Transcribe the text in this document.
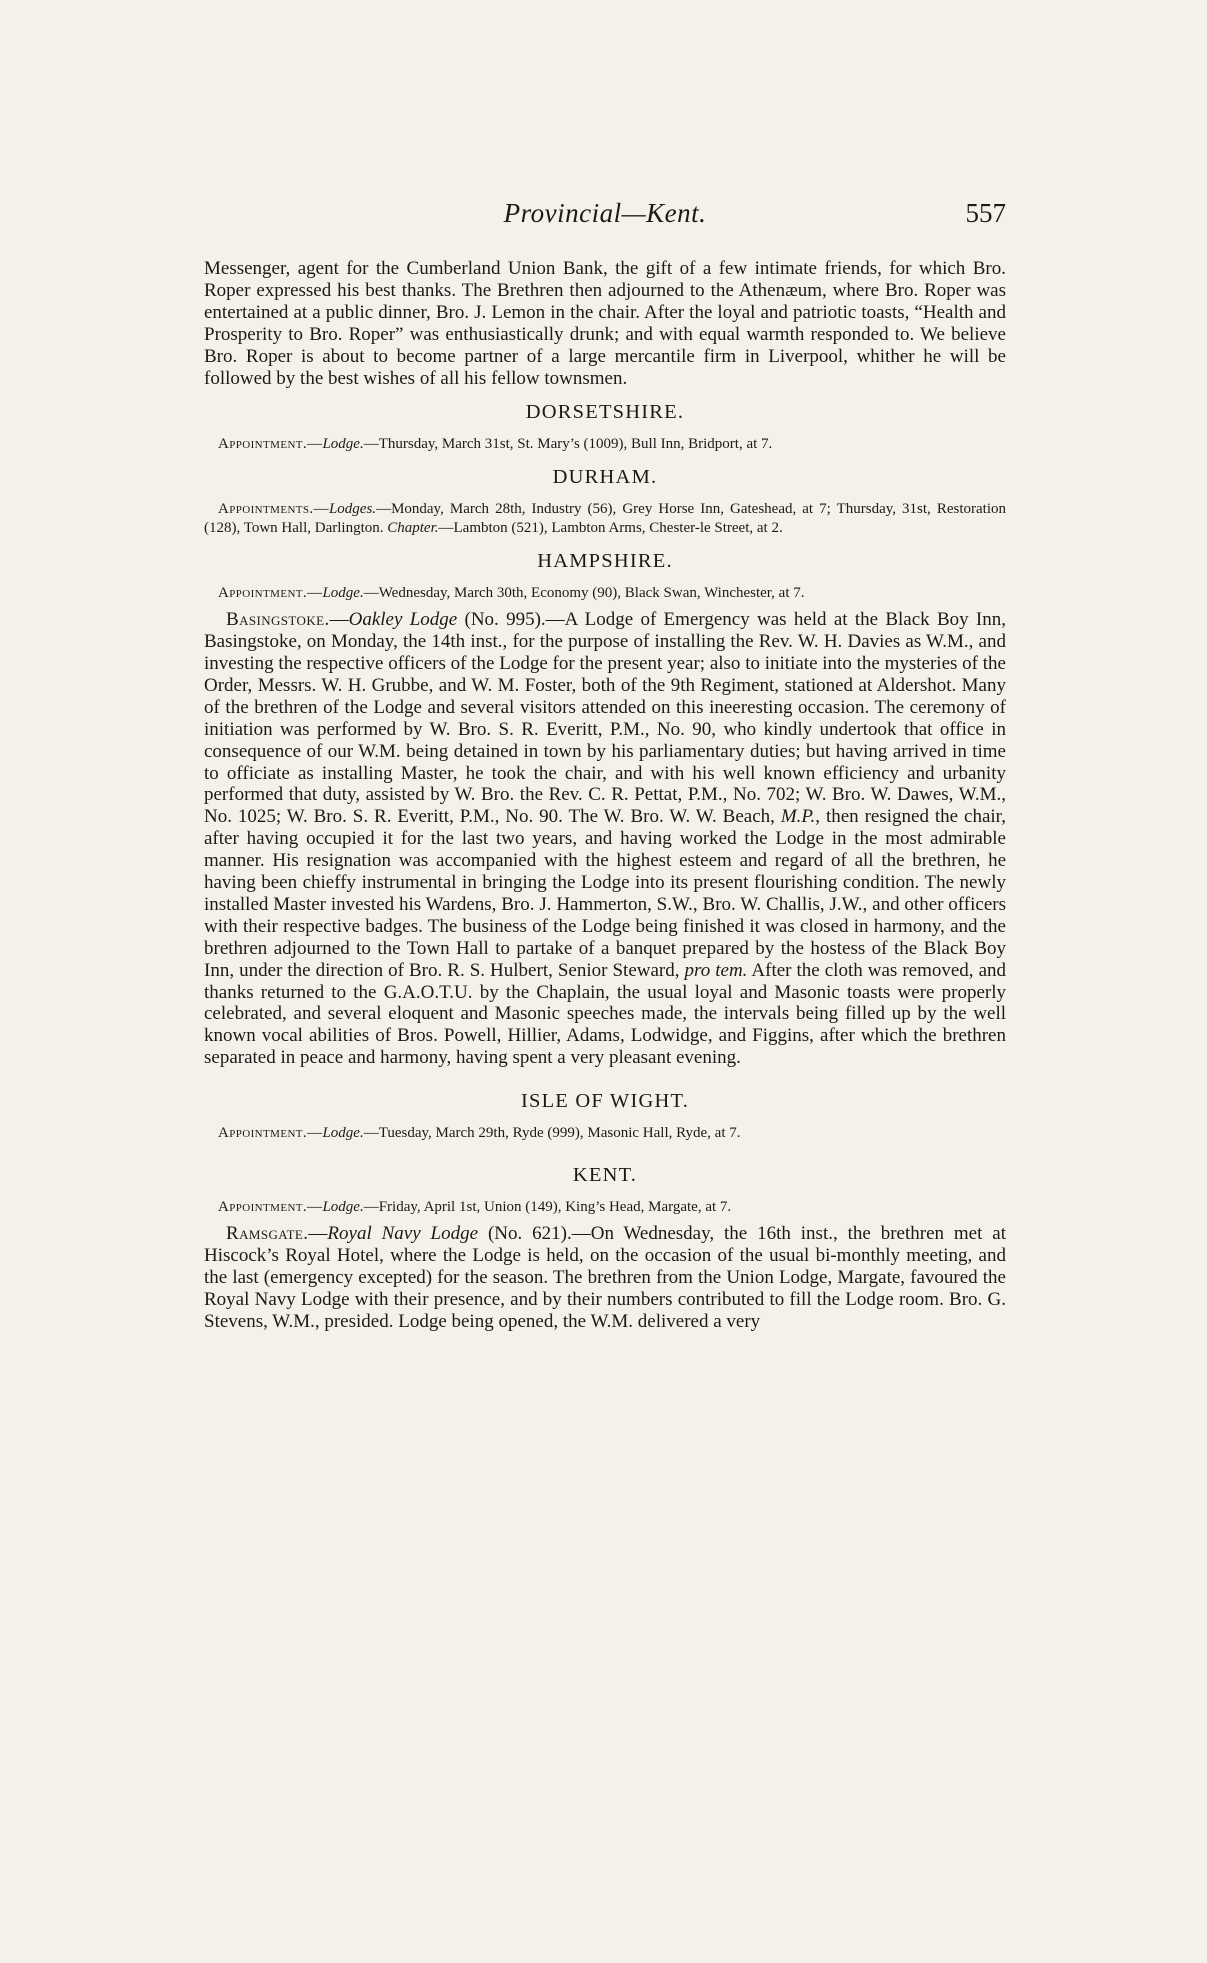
Provincial—Kent.	557

Messenger, agent for the Cumberland Union Bank, the gift of a few intimate friends, for which Bro. Roper expressed his best thanks. The Brethren then adjourned to the Athenæum, where Bro. Roper was entertained at a public dinner, Bro. J. Lemon in the chair. After the loyal and patriotic toasts, “Health and Prosperity to Bro. Roper” was enthusiastically drunk; and with equal warmth responded to. We believe Bro. Roper is about to become partner of a large mercantile firm in Liverpool, whither he will be followed by the best wishes of all his fellow townsmen.

DORSETSHIRE.

Appointment.—Lodge.—Thursday, March 31st, St. Mary’s (1009), Bull Inn, Bridport, at 7.

DURHAM.

Appointments.—Lodges.—Monday, March 28th, Industry (56), Grey Horse Inn, Gateshead, at 7; Thursday, 31st, Restoration (128), Town Hall, Darlington. Chapter.—Lambton (521), Lambton Arms, Chester-le Street, at 2.

HAMPSHIRE.

Appointment.—Lodge.—Wednesday, March 30th, Economy (90), Black Swan, Winchester, at 7.

Basingstoke.—Oakley Lodge (No. 995).—A Lodge of Emergency was held at the Black Boy Inn, Basingstoke, on Monday, the 14th inst., for the purpose of installing the Rev. W. H. Davies as W.M., and investing the respective officers of the Lodge for the present year; also to initiate into the mysteries of the Order, Messrs. W. H. Grubbe, and W. M. Foster, both of the 9th Regiment, stationed at Aldershot. Many of the brethren of the Lodge and several visitors attended on this ineeresting occasion. The ceremony of initiation was performed by W. Bro. S. R. Everitt, P.M., No. 90, who kindly undertook that office in consequence of our W.M. being detained in town by his parliamentary duties; but having arrived in time to officiate as installing Master, he took the chair, and with his well known efficiency and urbanity performed that duty, assisted by W. Bro. the Rev. C. R. Pettat, P.M., No. 702; W. Bro. W. Dawes, W.M., No. 1025; W. Bro. S. R. Everitt, P.M., No. 90. The W. Bro. W. W. Beach, M.P., then resigned the chair, after having occupied it for the last two years, and having worked the Lodge in the most admirable manner. His resignation was accompanied with the highest esteem and regard of all the brethren, he having been chieffy instrumental in bringing the Lodge into its present flourishing condition. The newly installed Master invested his Wardens, Bro. J. Hammerton, S.W., Bro. W. Challis, J.W., and other officers with their respective badges. The business of the Lodge being finished it was closed in harmony, and the brethren adjourned to the Town Hall to partake of a banquet prepared by the hostess of the Black Boy Inn, under the direction of Bro. R. S. Hulbert, Senior Steward, pro tem. After the cloth was removed, and thanks returned to the G.A.O.T.U. by the Chaplain, the usual loyal and Masonic toasts were properly celebrated, and several eloquent and Masonic speeches made, the intervals being filled up by the well known vocal abilities of Bros. Powell, Hillier, Adams, Lodwidge, and Figgins, after which the brethren separated in peace and harmony, having spent a very pleasant evening.

ISLE OF WIGHT.

Appointment.—Lodge.—Tuesday, March 29th, Ryde (999), Masonic Hall, Ryde, at 7.

KENT.

Appointment.—Lodge.—Friday, April 1st, Union (149), King’s Head, Margate, at 7.

Ramsgate.—Royal Navy Lodge (No. 621).—On Wednesday, the 16th inst., the brethren met at Hiscock’s Royal Hotel, where the Lodge is held, on the occasion of the usual bi-monthly meeting, and the last (emergency excepted) for the season. The brethren from the Union Lodge, Margate, favoured the Royal Navy Lodge with their presence, and by their numbers contributed to fill the Lodge room. Bro. G. Stevens, W.M., presided. Lodge being opened, the W.M. delivered a very
